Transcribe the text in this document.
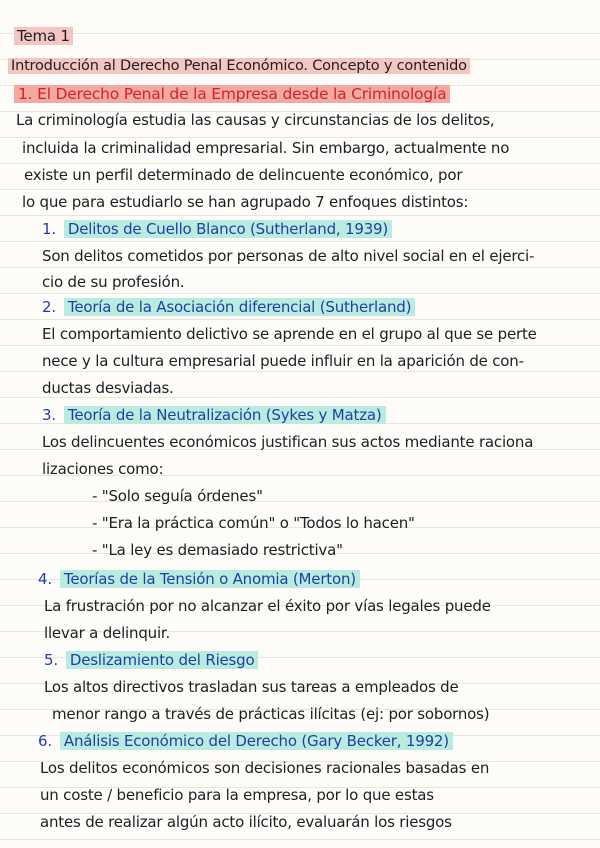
Tema 1
Introducción al Derecho Penal Económico. Concepto y contenido
1. El Derecho Penal de la Empresa desde la Criminología
La criminología estudia las causas y circunstancias de los delitos,
incluida la criminalidad empresarial. Sin embargo, actualmente no
existe un perfil determinado de delincuente económico, por
lo que para estudiarlo se han agrupado 7 enfoques distintos:
1. Delitos de Cuello Blanco (Sutherland, 1939)
Son delitos cometidos por personas de alto nivel social en el ejerci-
cio de su profesión.
2. Teoría de la Asociación diferencial (Sutherland)
El comportamiento delictivo se aprende en el grupo al que se perte
nece y la cultura empresarial puede influir en la aparición de con-
ductas desviadas.
3. Teoría de la Neutralización (Sykes y Matza)
Los delincuentes económicos justifican sus actos mediante raciona
lizaciones como:
- "Solo seguía órdenes"
- "Era la práctica común" o "Todos lo hacen"
- "La ley es demasiado restrictiva"
4. Teorías de la Tensión o Anomia (Merton)
La frustración por no alcanzar el éxito por vías legales puede
llevar a delinquir.
5. Deslizamiento del Riesgo
Los altos directivos trasladan sus tareas a empleados de
menor rango a través de prácticas ilícitas (ej: por sobornos)
6. Análisis Económico del Derecho (Gary Becker, 1992)
Los delitos económicos son decisiones racionales basadas en
un coste / beneficio para la empresa, por lo que estas
antes de realizar algún acto ilícito, evaluarán los riesgos
